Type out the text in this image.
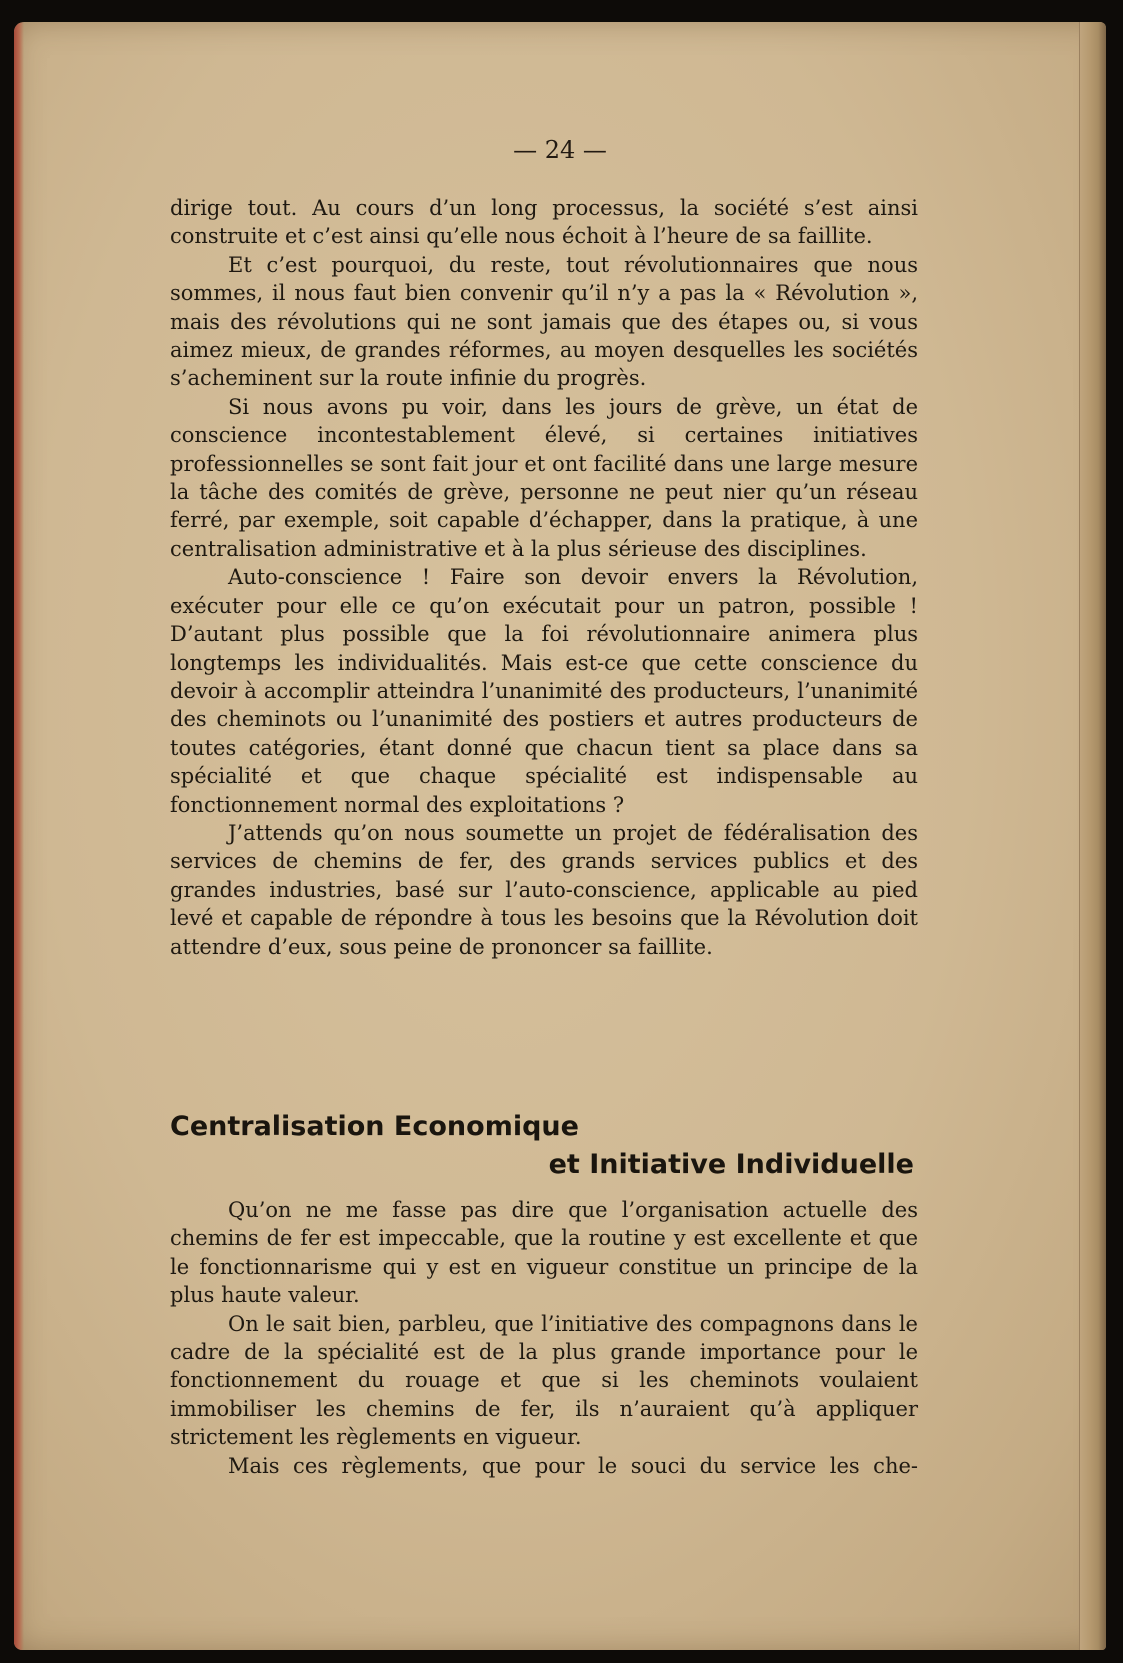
— 24 —

dirige tout. Au cours d’un long processus, la société s’est ainsi construite et c’est ainsi qu’elle nous échoit à l’heure de sa faillite.

Et c’est pourquoi, du reste, tout révolutionnaires que nous sommes, il nous faut bien convenir qu’il n’y a pas la « Révolution », mais des révolutions qui ne sont jamais que des étapes ou, si vous aimez mieux, de grandes réformes, au moyen desquelles les sociétés s’acheminent sur la route infinie du progrès.

Si nous avons pu voir, dans les jours de grève, un état de conscience incontestablement élevé, si certaines initiatives professionnelles se sont fait jour et ont facilité dans une large mesure la tâche des comités de grève, personne ne peut nier qu’un réseau ferré, par exemple, soit capable d’échapper, dans la pratique, à une centralisation administrative et à la plus sérieuse des disciplines.

Auto-conscience ! Faire son devoir envers la Révolution, exécuter pour elle ce qu’on exécutait pour un patron, possible ! D’autant plus possible que la foi révolutionnaire animera plus longtemps les individualités. Mais est-ce que cette conscience du devoir à accomplir atteindra l’unanimité des producteurs, l’unanimité des cheminots ou l’unanimité des postiers et autres producteurs de toutes catégories, étant donné que chacun tient sa place dans sa spécialité et que chaque spécialité est indispensable au fonctionnement normal des exploitations ?

J’attends qu’on nous soumette un projet de fédéralisation des services de chemins de fer, des grands services publics et des grandes industries, basé sur l’auto-conscience, applicable au pied levé et capable de répondre à tous les besoins que la Révolution doit attendre d’eux, sous peine de prononcer sa faillite.

Centralisation Economique
et Initiative Individuelle

Qu’on ne me fasse pas dire que l’organisation actuelle des chemins de fer est impeccable, que la routine y est excellente et que le fonctionnarisme qui y est en vigueur constitue un principe de la plus haute valeur.

On le sait bien, parbleu, que l’initiative des compagnons dans le cadre de la spécialité est de la plus grande importance pour le fonctionnement du rouage et que si les cheminots voulaient immobiliser les chemins de fer, ils n’auraient qu’à appliquer strictement les règlements en vigueur.

Mais ces règlements, que pour le souci du service les che-
